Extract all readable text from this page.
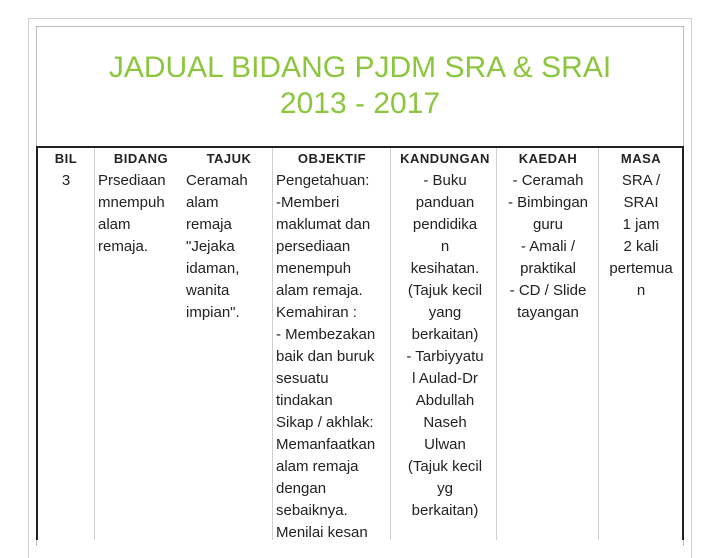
JADUAL BIDANG PJDM SRA & SRAI
2013 - 2017
BIL
3
BIDANG
Prsediaan
mnempuh
alam
remaja.
TAJUK
Ceramah
alam
remaja
"Jejaka
idaman,
wanita
impian".
OBJEKTIF
Pengetahuan:
-Memberi
maklumat dan
persediaan
menempuh
alam remaja.
Kemahiran :
- Membezakan
baik dan buruk
sesuatu
tindakan
Sikap / akhlak:
Memanfaatkan
alam remaja
dengan
sebaiknya.
Menilai kesan
KANDUNGAN
- Buku
panduan
pendidika
n
kesihatan.
(Tajuk kecil
yang
berkaitan)
- Tarbiyyatu
l Aulad-Dr
Abdullah
Naseh
Ulwan
(Tajuk kecil
yg
berkaitan)
KAEDAH
- Ceramah
- Bimbingan
guru
- Amali /
praktikal
- CD / Slide
tayangan
MASA
SRA /
SRAI
1 jam
2 kali
pertemua
n
